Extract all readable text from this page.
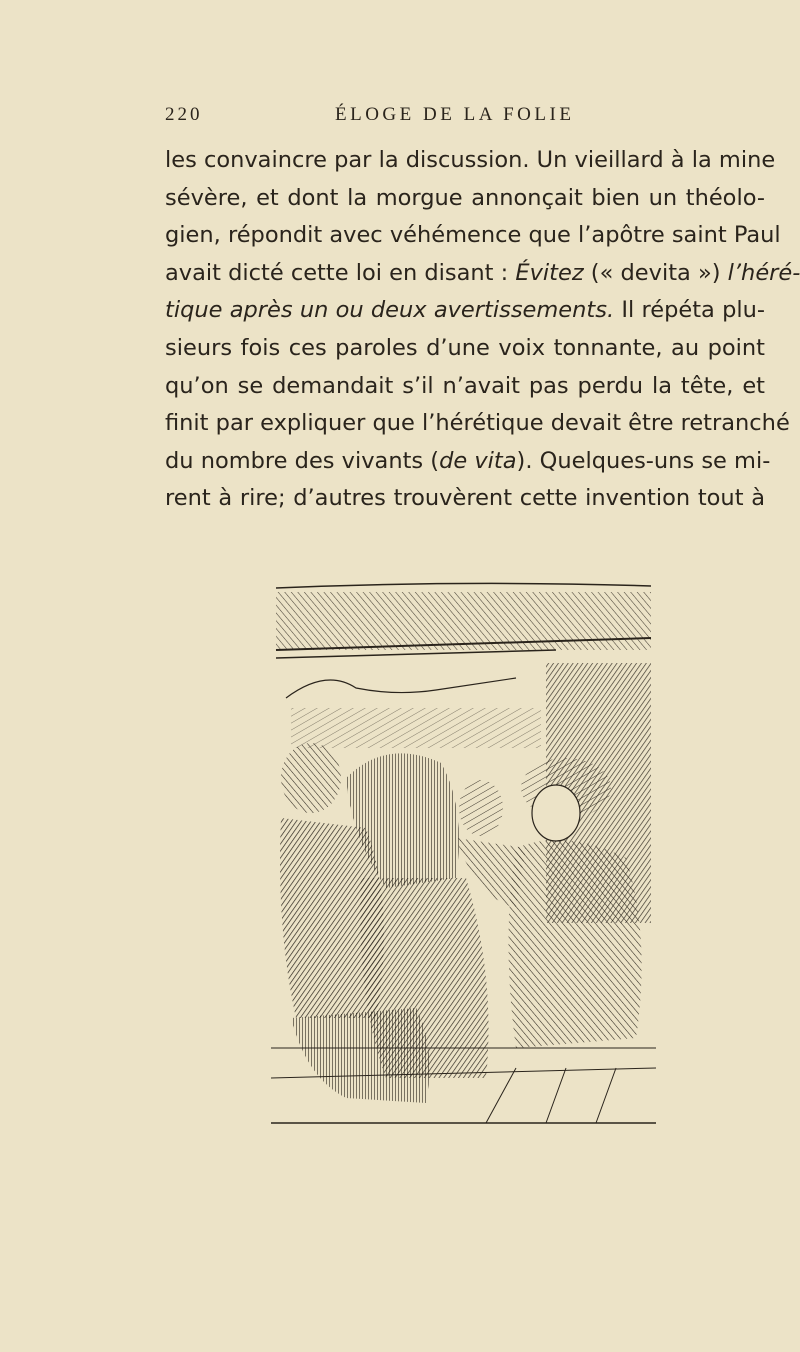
220	ÉLOGE DE LA FOLIE
les convaincre par la discussion. Un vieillard à la mine
sévère, et dont la morgue annonçait bien un théolo-
gien, répondit avec véhémence que l’apôtre saint Paul
avait dicté cette loi en disant : Évitez (« devita ») l’héré-
tique après un ou deux avertissements. Il répéta plu-
sieurs fois ces paroles d’une voix tonnante, au point
qu’on se demandait s’il n’avait pas perdu la tête, et
finit par expliquer que l’hérétique devait être retranché
du nombre des vivants (de vita). Quelques-uns se mi-
rent à rire; d’autres trouvèrent cette invention tout à
